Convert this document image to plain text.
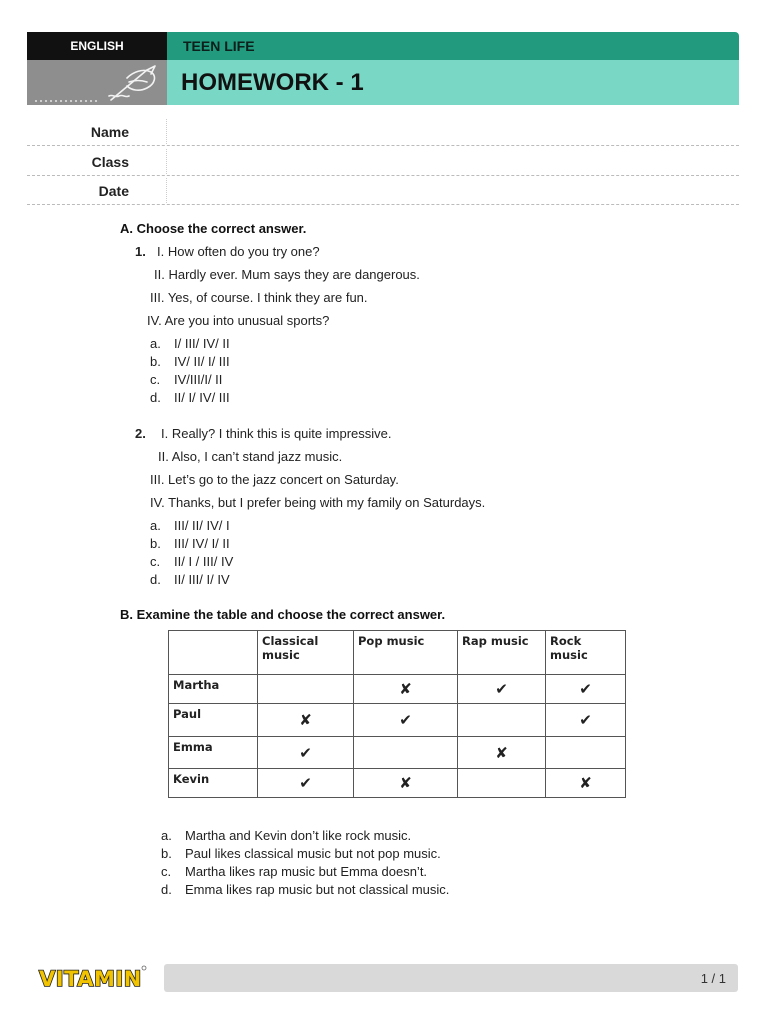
ENGLISH	TEEN LIFE
HOMEWORK - 1
Name
Class
Date
A. Choose the correct answer.
1. I. How often do you try one?
II. Hardly ever. Mum says they are dangerous.
III. Yes, of course. I think they are fun.
IV. Are you into unusual sports?
a. I/ III/ IV/ II
b. IV/ II/ I/ III
c. IV/III/I/ II
d. II/ I/ IV/ III
2. I. Really? I think this is quite impressive.
II. Also, I can’t stand jazz music.
III. Let’s go to the jazz concert on Saturday.
IV. Thanks, but I prefer being with my family on Saturdays.
a. III/ II/ IV/ I
b. III/ IV/ I/ II
c. II/ I / III/ IV
d. II/ III/ I/ IV
B. Examine the table and choose the correct answer.
	Classical music	Pop music	Rap music	Rock music
Martha		✘	✔	✔
Paul	✘	✔		✔
Emma	✔		✘	
Kevin	✔	✘		✘
a. Martha and Kevin don’t like rock music.
b. Paul likes classical music but not pop music.
c. Martha likes rap music but Emma doesn’t.
d. Emma likes rap music but not classical music.
VITAMIN	1 / 1
